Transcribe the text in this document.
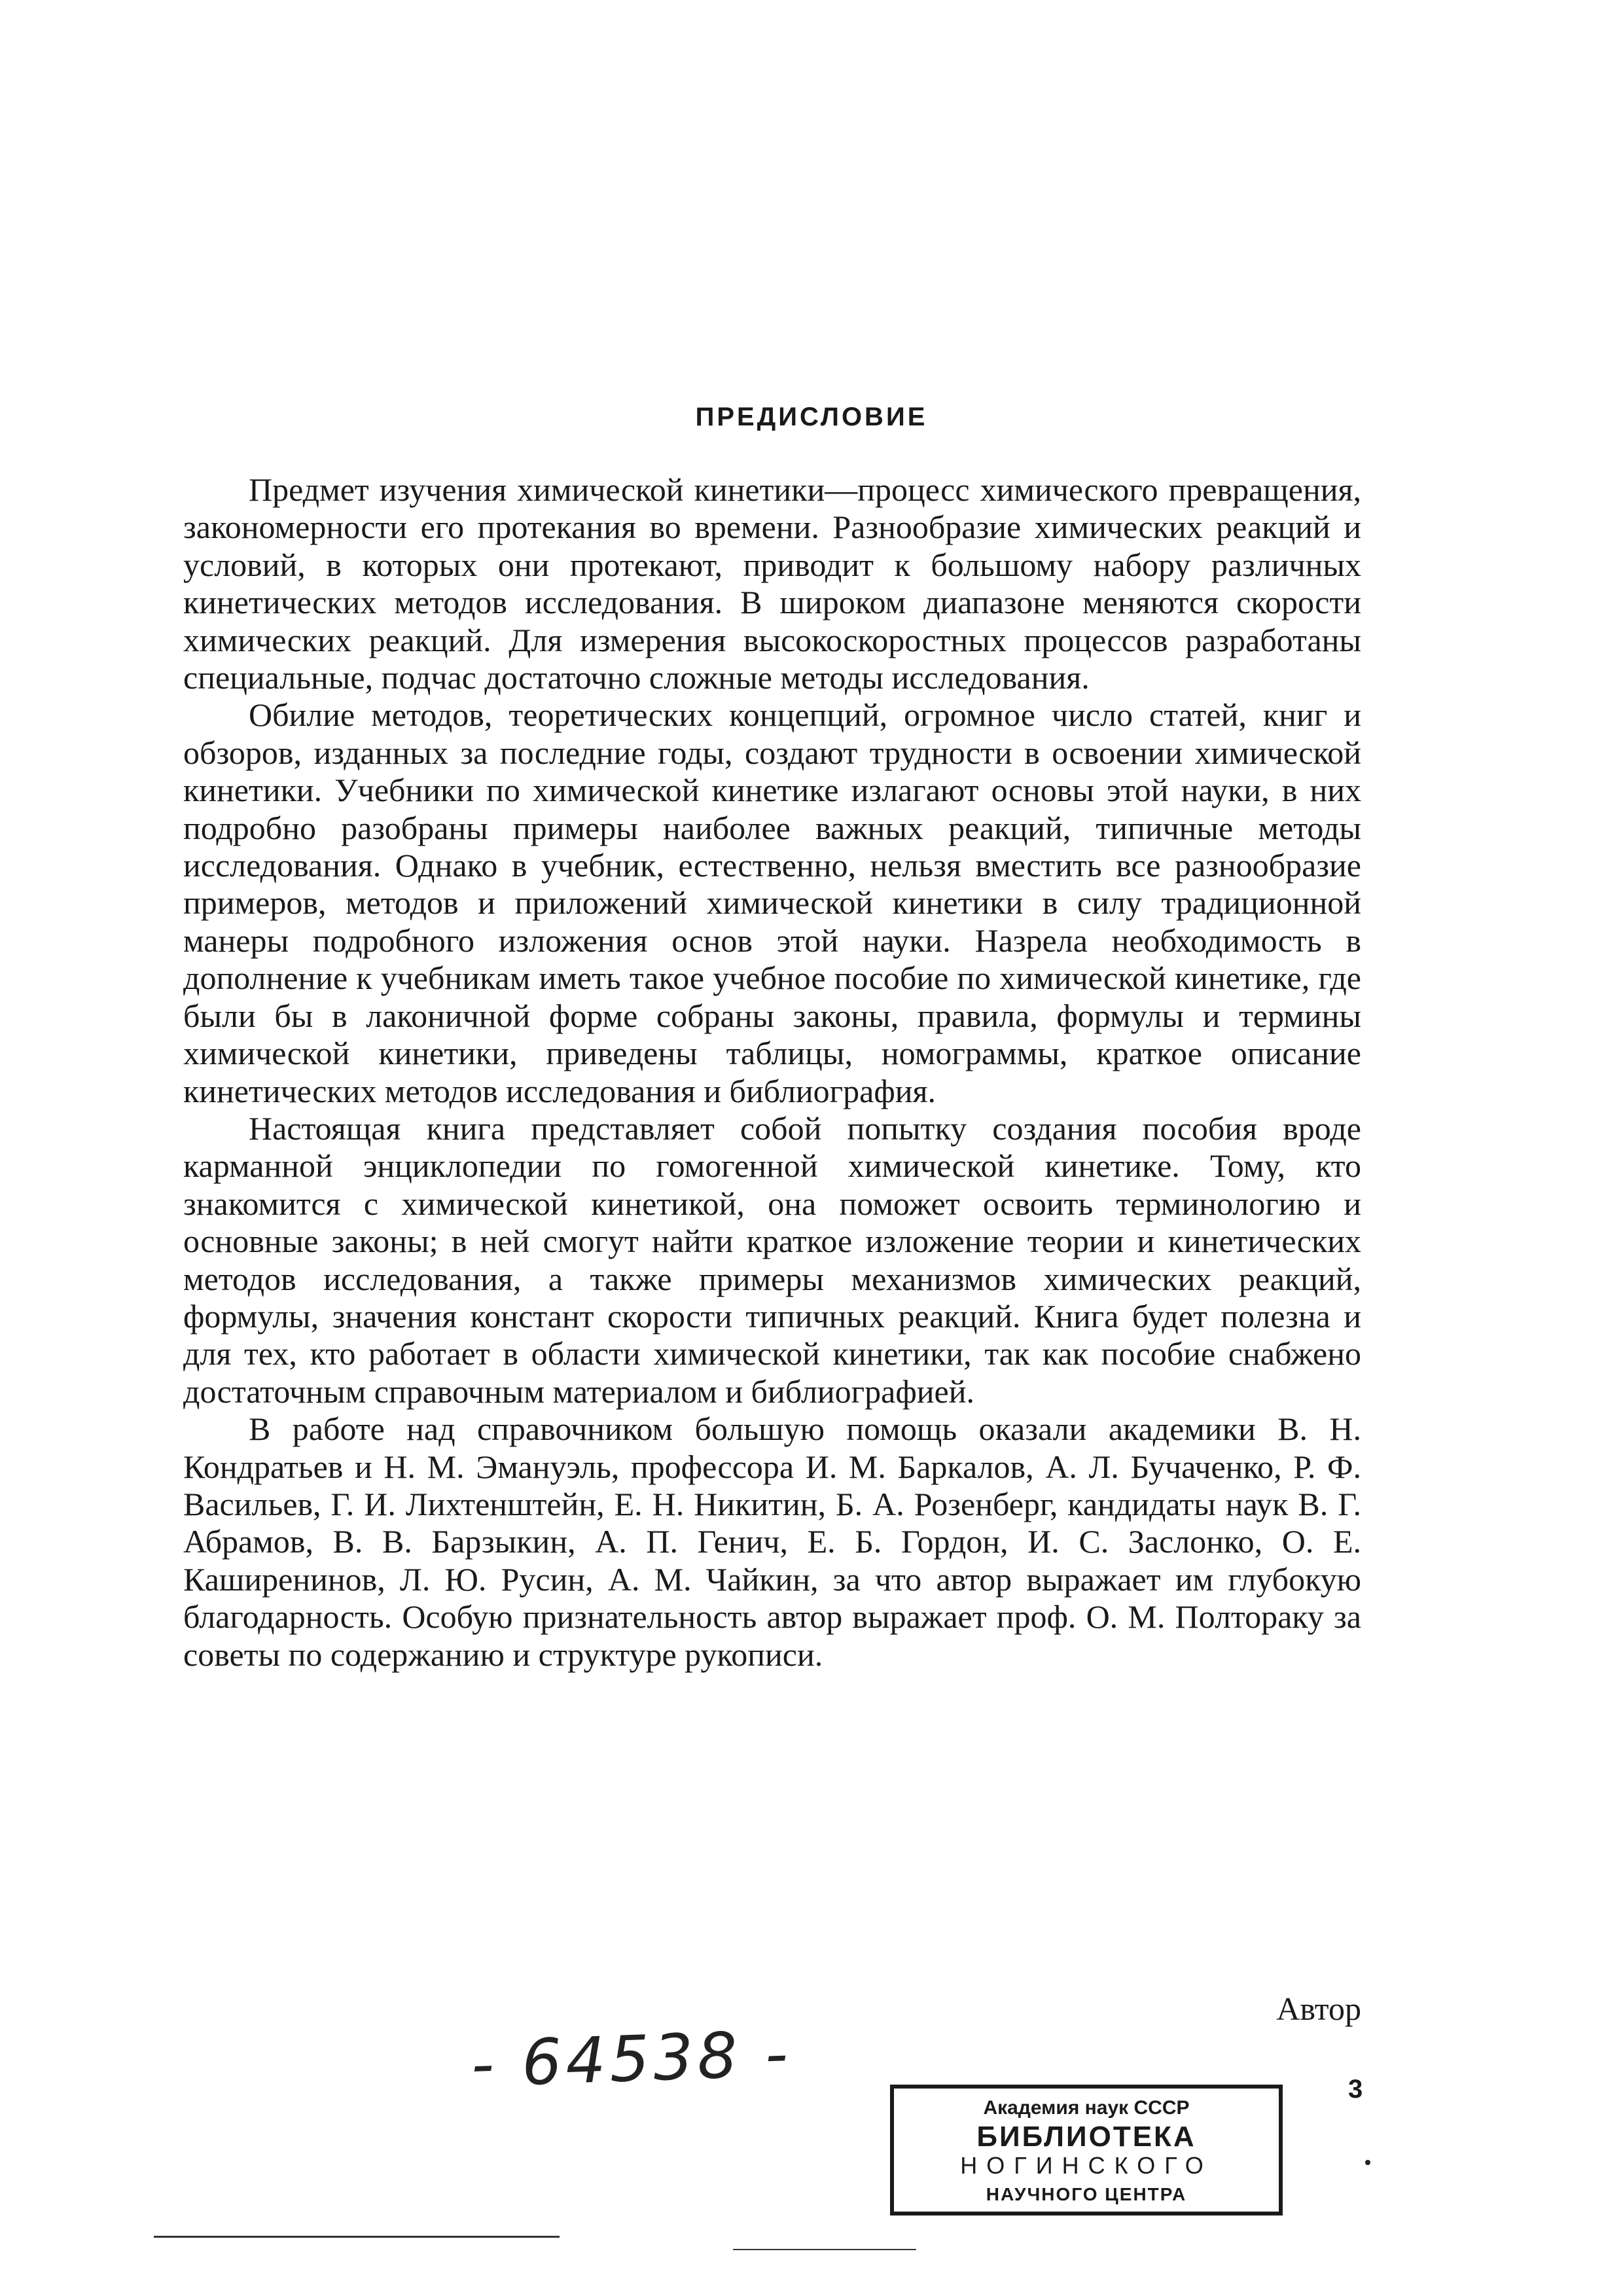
ПРЕДИСЛОВИЕ

Предмет изучения химической кинетики—процесс химического превращения, закономерности его протекания во времени. Разнообразие химических реакций и условий, в которых они протекают, приводит к большому набору различных кинетических методов исследования. В широком диапазоне меняются скорости химических реакций. Для измерения высокоскоростных процессов разработаны специальные, подчас достаточно сложные методы исследования.

Обилие методов, теоретических концепций, огромное число статей, книг и обзоров, изданных за последние годы, создают трудности в освоении химической кинетики. Учебники по химической кинетике излагают основы этой науки, в них подробно разобраны примеры наиболее важных реакций, типичные методы исследования. Однако в учебник, естественно, нельзя вместить все разнообразие примеров, методов и приложений химической кинетики в силу традиционной манеры подробного изложения основ этой науки. Назрела необходимость в дополнение к учебникам иметь такое учебное пособие по химической кинетике, где были бы в лаконичной форме собраны законы, правила, формулы и термины химической кинетики, приведены таблицы, номограммы, краткое описание кинетических методов исследования и библиография.

Настоящая книга представляет собой попытку создания пособия вроде карманной энциклопедии по гомогенной химической кинетике. Тому, кто знакомится с химической кинетикой, она поможет освоить терминологию и основные законы; в ней смогут найти краткое изложение теории и кинетических методов исследования, а также примеры механизмов химических реакций, формулы, значения констант скорости типичных реакций. Книга будет полезна и для тех, кто работает в области химической кинетики, так как пособие снабжено достаточным справочным материалом и библиографией.

В работе над справочником большую помощь оказали академики В. Н. Кондратьев и Н. М. Эмануэль, профессора И. М. Баркалов, А. Л. Бучаченко, Р. Ф. Васильев, Г. И. Лихтенштейн, Е. Н. Никитин, Б. А. Розенберг, кандидаты наук В. Г. Абрамов, В. В. Барзыкин, А. П. Генич, Е. Б. Гордон, И. С. Заслонко, О. Е. Каширенинов, Л. Ю. Русин, А. М. Чайкин, за что автор выражает им глубокую благодарность. Особую признательность автор выражает проф. О. М. Полтораку за советы по содержанию и структуре рукописи.

Автор

- 64538 -	3
Академия наук СССР
БИБЛИОТЕКА
НОГИНСКОГО
НАУЧНОГО ЦЕНТРА
